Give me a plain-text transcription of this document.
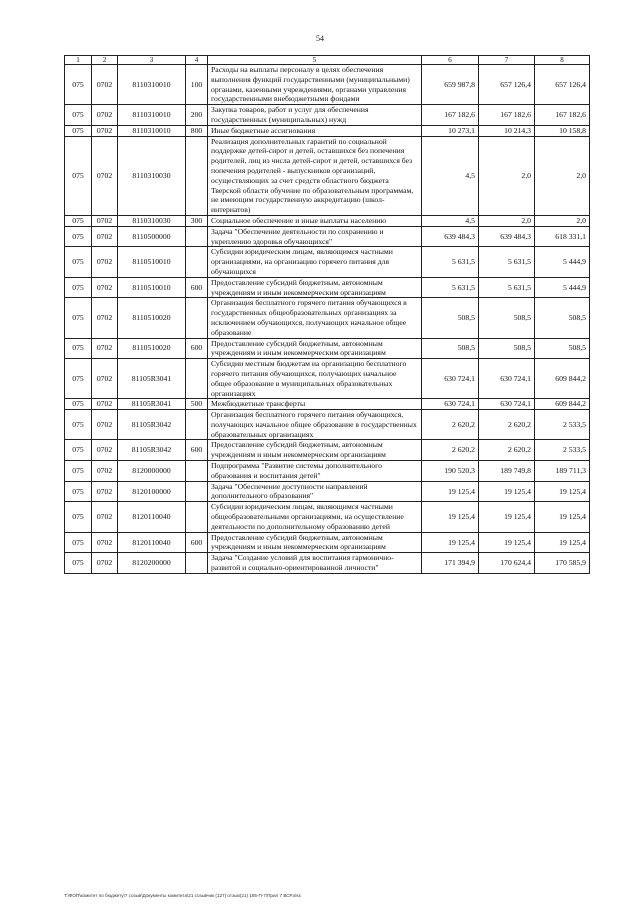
54
1	2	3	4	5	6	7	8
075	0702	8110310010	100	Расходы на выплаты персоналу в целях обеспечения выполнения функций государственными (муниципальными) органами, казенными учреждениями, органами управления государственными внебюджетными фондами	659 987,8	657 126,4	657 126,4
075	0702	8110310010	200	Закупка товаров, работ и услуг для обеспечения государственных (муниципальных) нужд	167 182,6	167 182,6	167 182,6
075	0702	8110310010	800	Иные бюджетные ассигнования	10 273,1	10 214,3	10 158,8
075	0702	8110310030		Реализация дополнительных гарантий по социальной поддержке детей-сирот и детей, оставшихся без попечения родителей, лиц из числа детей-сирот и детей, оставшихся без попечения родителей - выпускников организаций, осуществляющих за счет средств областного бюджета Тверской области обучение по образовательным программам, не имеющим государственную аккредитацию (школ-интернатов)	4,5	2,0	2,0
075	0702	8110310030	300	Социальное обеспечение и иные выплаты населению	4,5	2,0	2,0
075	0702	8110500000		Задача "Обеспечение деятельности по сохранению и укреплению здоровья обучающихся"	639 484,3	639 484,3	618 331,1
075	0702	8110510010		Субсидии юридическим лицам, являющимся частными организациями, на организацию горячего питания для обучающихся	5 631,5	5 631,5	5 444,9
075	0702	8110510010	600	Предоставление субсидий бюджетным, автономным учреждениям и иным некоммерческим организациям	5 631,5	5 631,5	5 444,9
075	0702	8110510020		Организация бесплатного горячего питания обучающихся в государственных общеобразовательных организациях за исключением обучающихся, получающих начальное общее образование	508,5	508,5	508,5
075	0702	8110510020	600	Предоставление субсидий бюджетным, автономным учреждениям и иным некоммерческим организациям	508,5	508,5	508,5
075	0702	81105R3041		Субсидии местным бюджетам на организацию бесплатного горячего питания обучающихся, получающих начальное общее образование в муниципальных образовательных организациях	630 724,1	630 724,1	609 844,2
075	0702	81105R3041	500	Межбюджетные трансферты	630 724,1	630 724,1	609 844,2
075	0702	81105R3042		Организация бесплатного горячего питания обучающихся, получающих начальное общее образование в государственных образовательных организациях	2 620,2	2 620,2	2 533,5
075	0702	81105R3042	600	Предоставление субсидий бюджетным, автономным учреждениям и иным некоммерческим организациям	2 620,2	2 620,2	2 533,5
075	0702	8120000000		Подпрограмма "Развитие системы дополнительного образования и воспитания детей"	190 520,3	189 749,8	189 711,3
075	0702	8120100000		Задача "Обеспечение доступности направлений дополнительного образования"	19 125,4	19 125,4	19 125,4
075	0702	8120110040		Субсидии юридическим лицам, являющимся частными общеобразовательными организациями, на осуществление деятельности по дополнительному образованию детей	19 125,4	19 125,4	19 125,4
075	0702	8120110040	600	Предоставление субсидий бюджетным, автономным учреждениям и иным некоммерческим организациям	19 125,4	19 125,4	19 125,4
075	0702	8120200000		Задача "Создание условий для воспитания гармонично-развитой и социально-ориентированной личности"	171 394,9	170 624,4	170 585,9
T:\ФОП\комитет по бюджету\7 созыв\Документы комитета\21 созывчик (127) отзыв(21) 185-П-7\Прил 7 ВСР.xlsx
